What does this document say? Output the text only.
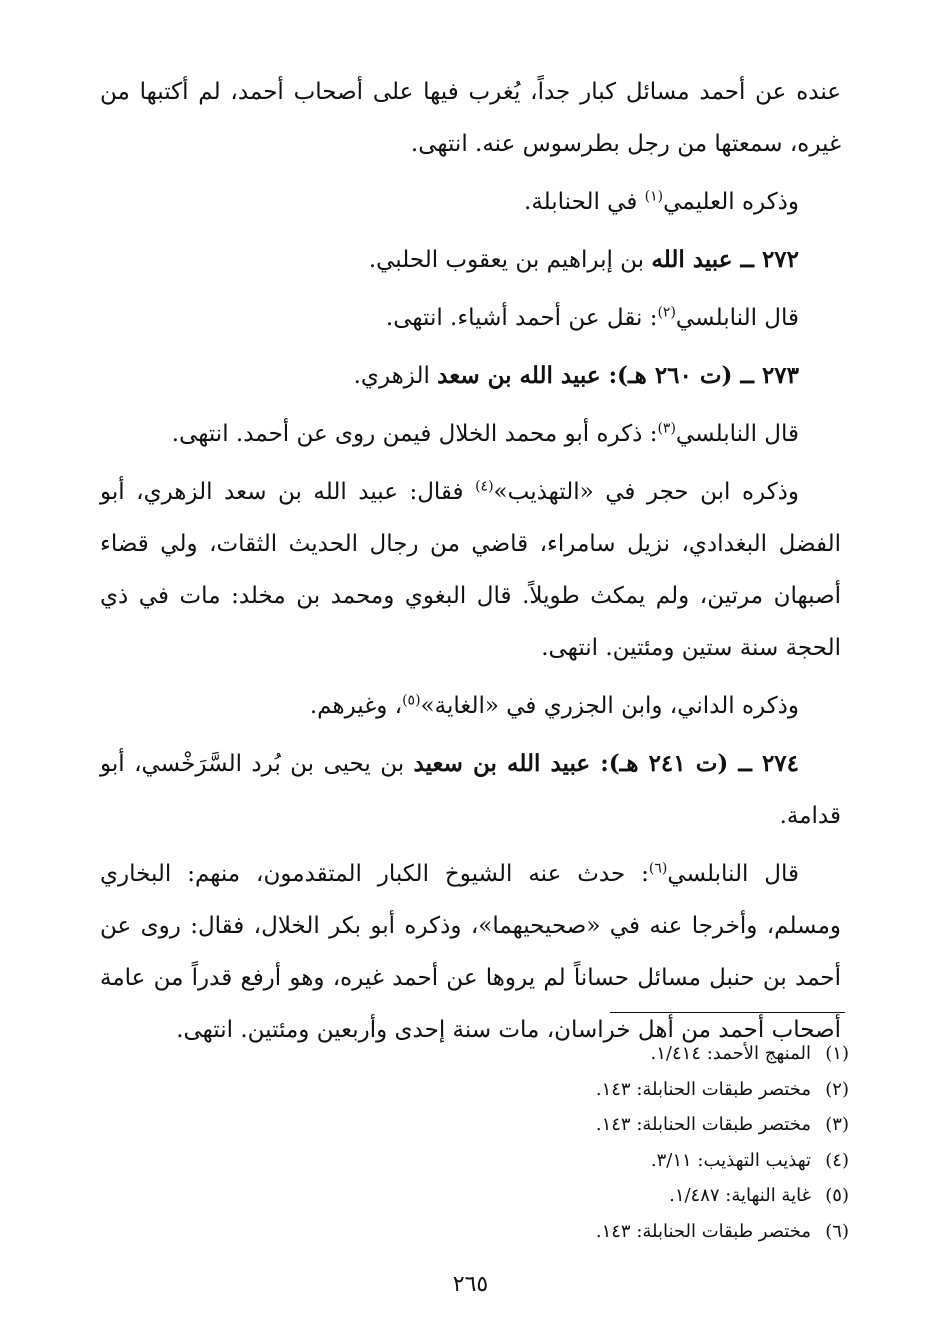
عنده عن أحمد مسائل كبار جداً، يُغرب فيها على أصحاب أحمد، لم أكتبها من غيره، سمعتها من رجل بطرسوس عنه. انتهى.

وذكره العليمي$^{(١)}$ في الحنابلة.

٢٧٢ ــ عبيد الله بن إبراهيم بن يعقوب الحلبي.

قال النابلسي$^{(٢)}$: نقل عن أحمد أشياء. انتهى.

٢٧٣ ــ (ت ٢٦٠ هـ): عبيد الله بن سعد الزهري.

قال النابلسي$^{(٣)}$: ذكره أبو محمد الخلال فيمن روى عن أحمد. انتهى.

وذكره ابن حجر في «التهذيب»$^{(٤)}$ فقال: عبيد الله بن سعد الزهري، أبو الفضل البغدادي، نزيل سامراء، قاضي من رجال الحديث الثقات، ولي قضاء أصبهان مرتين، ولم يمكث طويلاً. قال البغوي ومحمد بن مخلد: مات في ذي الحجة سنة ستين ومئتين. انتهى.

وذكره الداني، وابن الجزري في «الغاية»$^{(٥)}$، وغيرهم.

٢٧٤ ــ (ت ٢٤١ هـ): عبيد الله بن سعيد بن يحيى بن بُرد السَّرَخْسي، أبو قدامة.

قال النابلسي$^{(٦)}$: حدث عنه الشيوخ الكبار المتقدمون، منهم: البخاري ومسلم، وأخرجا عنه في «صحيحيهما»، وذكره أبو بكر الخلال، فقال: روى عن أحمد بن حنبل مسائل حساناً لم يروها عن أحمد غيره، وهو أرفع قدراً من عامة أصحاب أحمد من أهل خراسان، مات سنة إحدى وأربعين ومئتين. انتهى.

(١)المنهج الأحمد: ١/٤١٤.
(٢)مختصر طبقات الحنابلة: ١٤٣.
(٣)مختصر طبقات الحنابلة: ١٤٣.
(٤)تهذيب التهذيب: ٣/١١.
(٥)غاية النهاية: ١/٤٨٧.
(٦)مختصر طبقات الحنابلة: ١٤٣.
٢٦٥
